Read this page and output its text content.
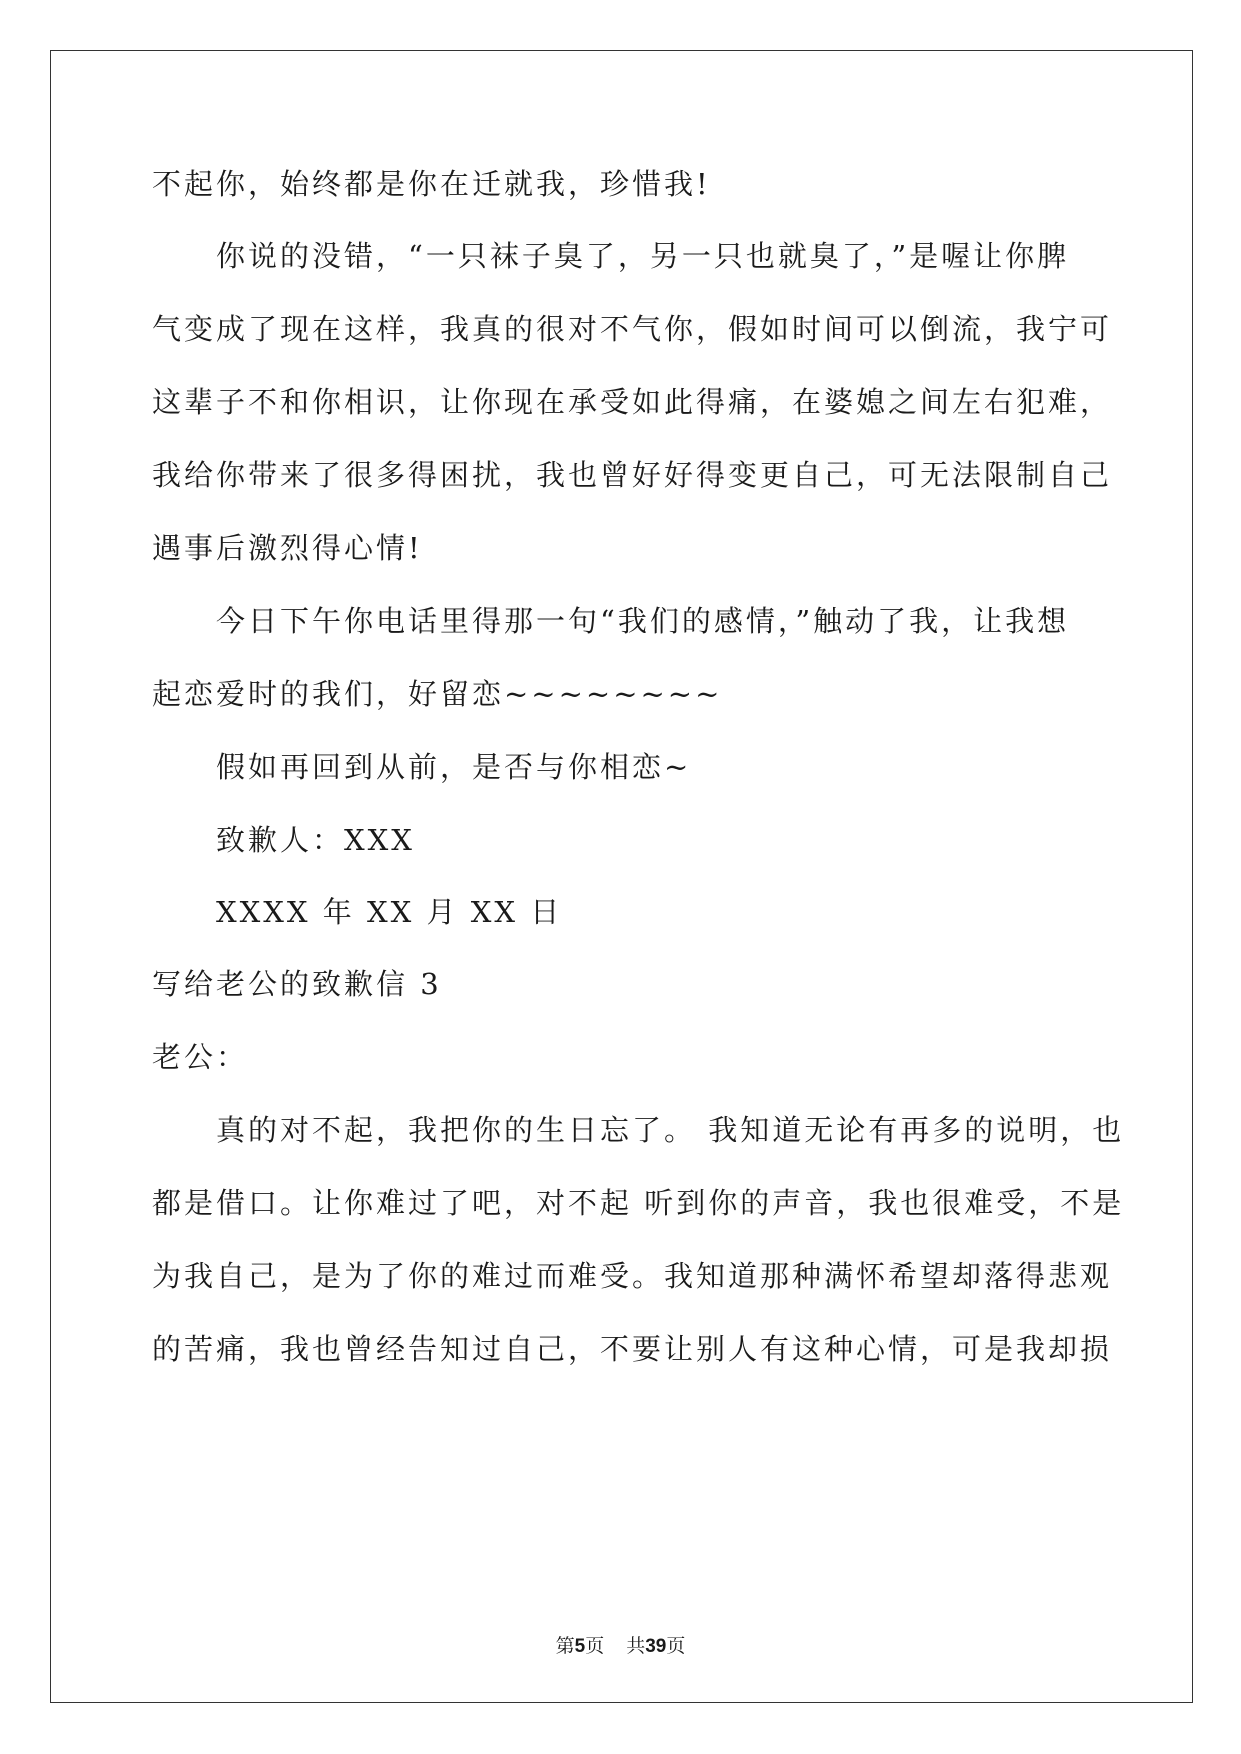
不起你，始终都是你在迁就我，珍惜我!
你说的没错，“一只袜子臭了，另一只也就臭了，”是喔让你脾
气变成了现在这样，我真的很对不气你，假如时间可以倒流，我宁可
这辈子不和你相识，让你现在承受如此得痛，在婆媳之间左右犯难，
我给你带来了很多得困扰，我也曾好好得变更自己，可无法限制自己
遇事后激烈得心情!
今日下午你电话里得那一句“我们的感情，”触动了我，让我想
起恋爱时的我们，好留恋~~~~~~~~
假如再回到从前，是否与你相恋~
致歉人：XXX
XXXX 年 XX 月 XX 日
写给老公的致歉信 3
老公：
真的对不起，我把你的生日忘了。 我知道无论有再多的说明，也
都是借口。让你难过了吧，对不起 听到你的声音，我也很难受，不是
为我自己，是为了你的难过而难受。我知道那种满怀希望却落得悲观
的苦痛，我也曾经告知过自己，不要让别人有这种心情，可是我却损
第5页 共39页
